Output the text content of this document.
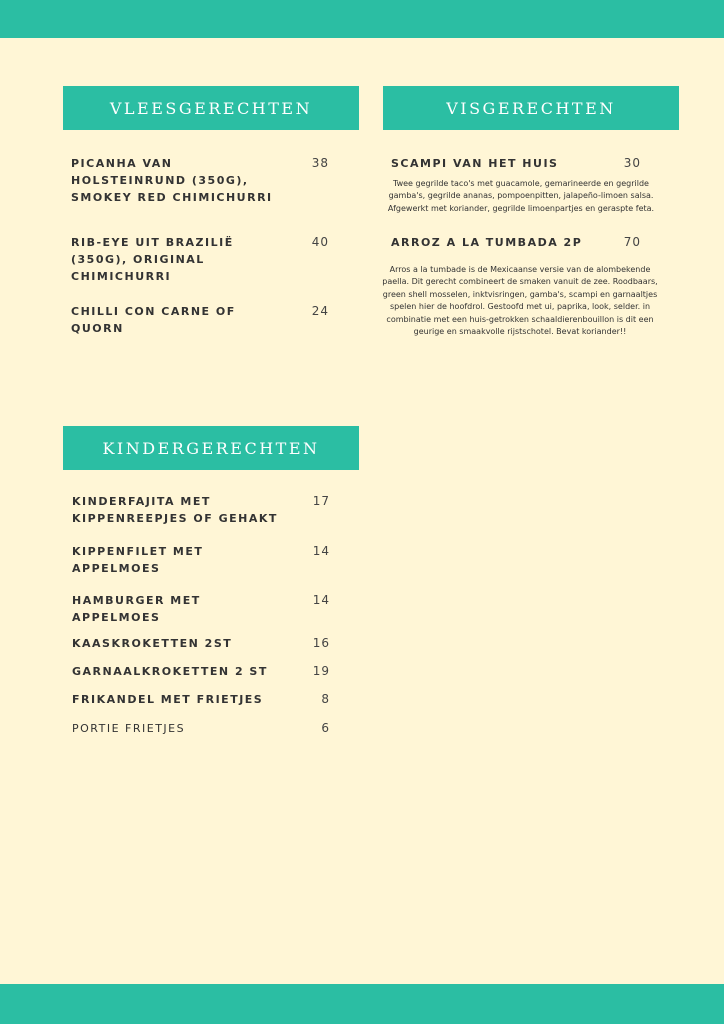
VLEESGERECHTEN
PICANHA VAN HOLSTEINRUND (350G), SMOKEY RED CHIMICHURRI
38
RIB-EYE UIT BRAZILIË (350G), ORIGINAL CHIMICHURRI
40
CHILLI CON CARNE OF QUORN
24
VISGERECHTEN
SCAMPI VAN HET HUIS	30
Twee gegrilde taco's met guacamole, gemarineerde en gegrilde gamba's, gegrilde ananas, pompoenpitten, jalapeño-limoen salsa. Afgewerkt met koriander, gegrilde limoenpartjes en geraspte feta.
ARROZ A LA TUMBADA 2P	70
Arros a la tumbade is de Mexicaanse versie van de alombekende paella. Dit gerecht combineert de smaken vanuit de zee. Roodbaars, green shell mosselen, inktvisringen, gamba's, scampi en garnaaltjes spelen hier de hoofdrol. Gestoofd met ui, paprika, look, selder. in combinatie met een huis-getrokken schaaldierenbouillon is dit een geurige en smaakvolle rijstschotel. Bevat koriander!!
KINDERGERECHTEN
KINDERFAJITA MET KIPPENREEPJES OF GEHAKT
17
KIPPENFILET MET APPELMOES
14
HAMBURGER MET APPELMOES
14
KAASKROKETTEN 2ST	16
GARNAALKROKETTEN 2 ST	19
FRIKANDEL MET FRIETJES	8
PORTIE FRIETJES	6
